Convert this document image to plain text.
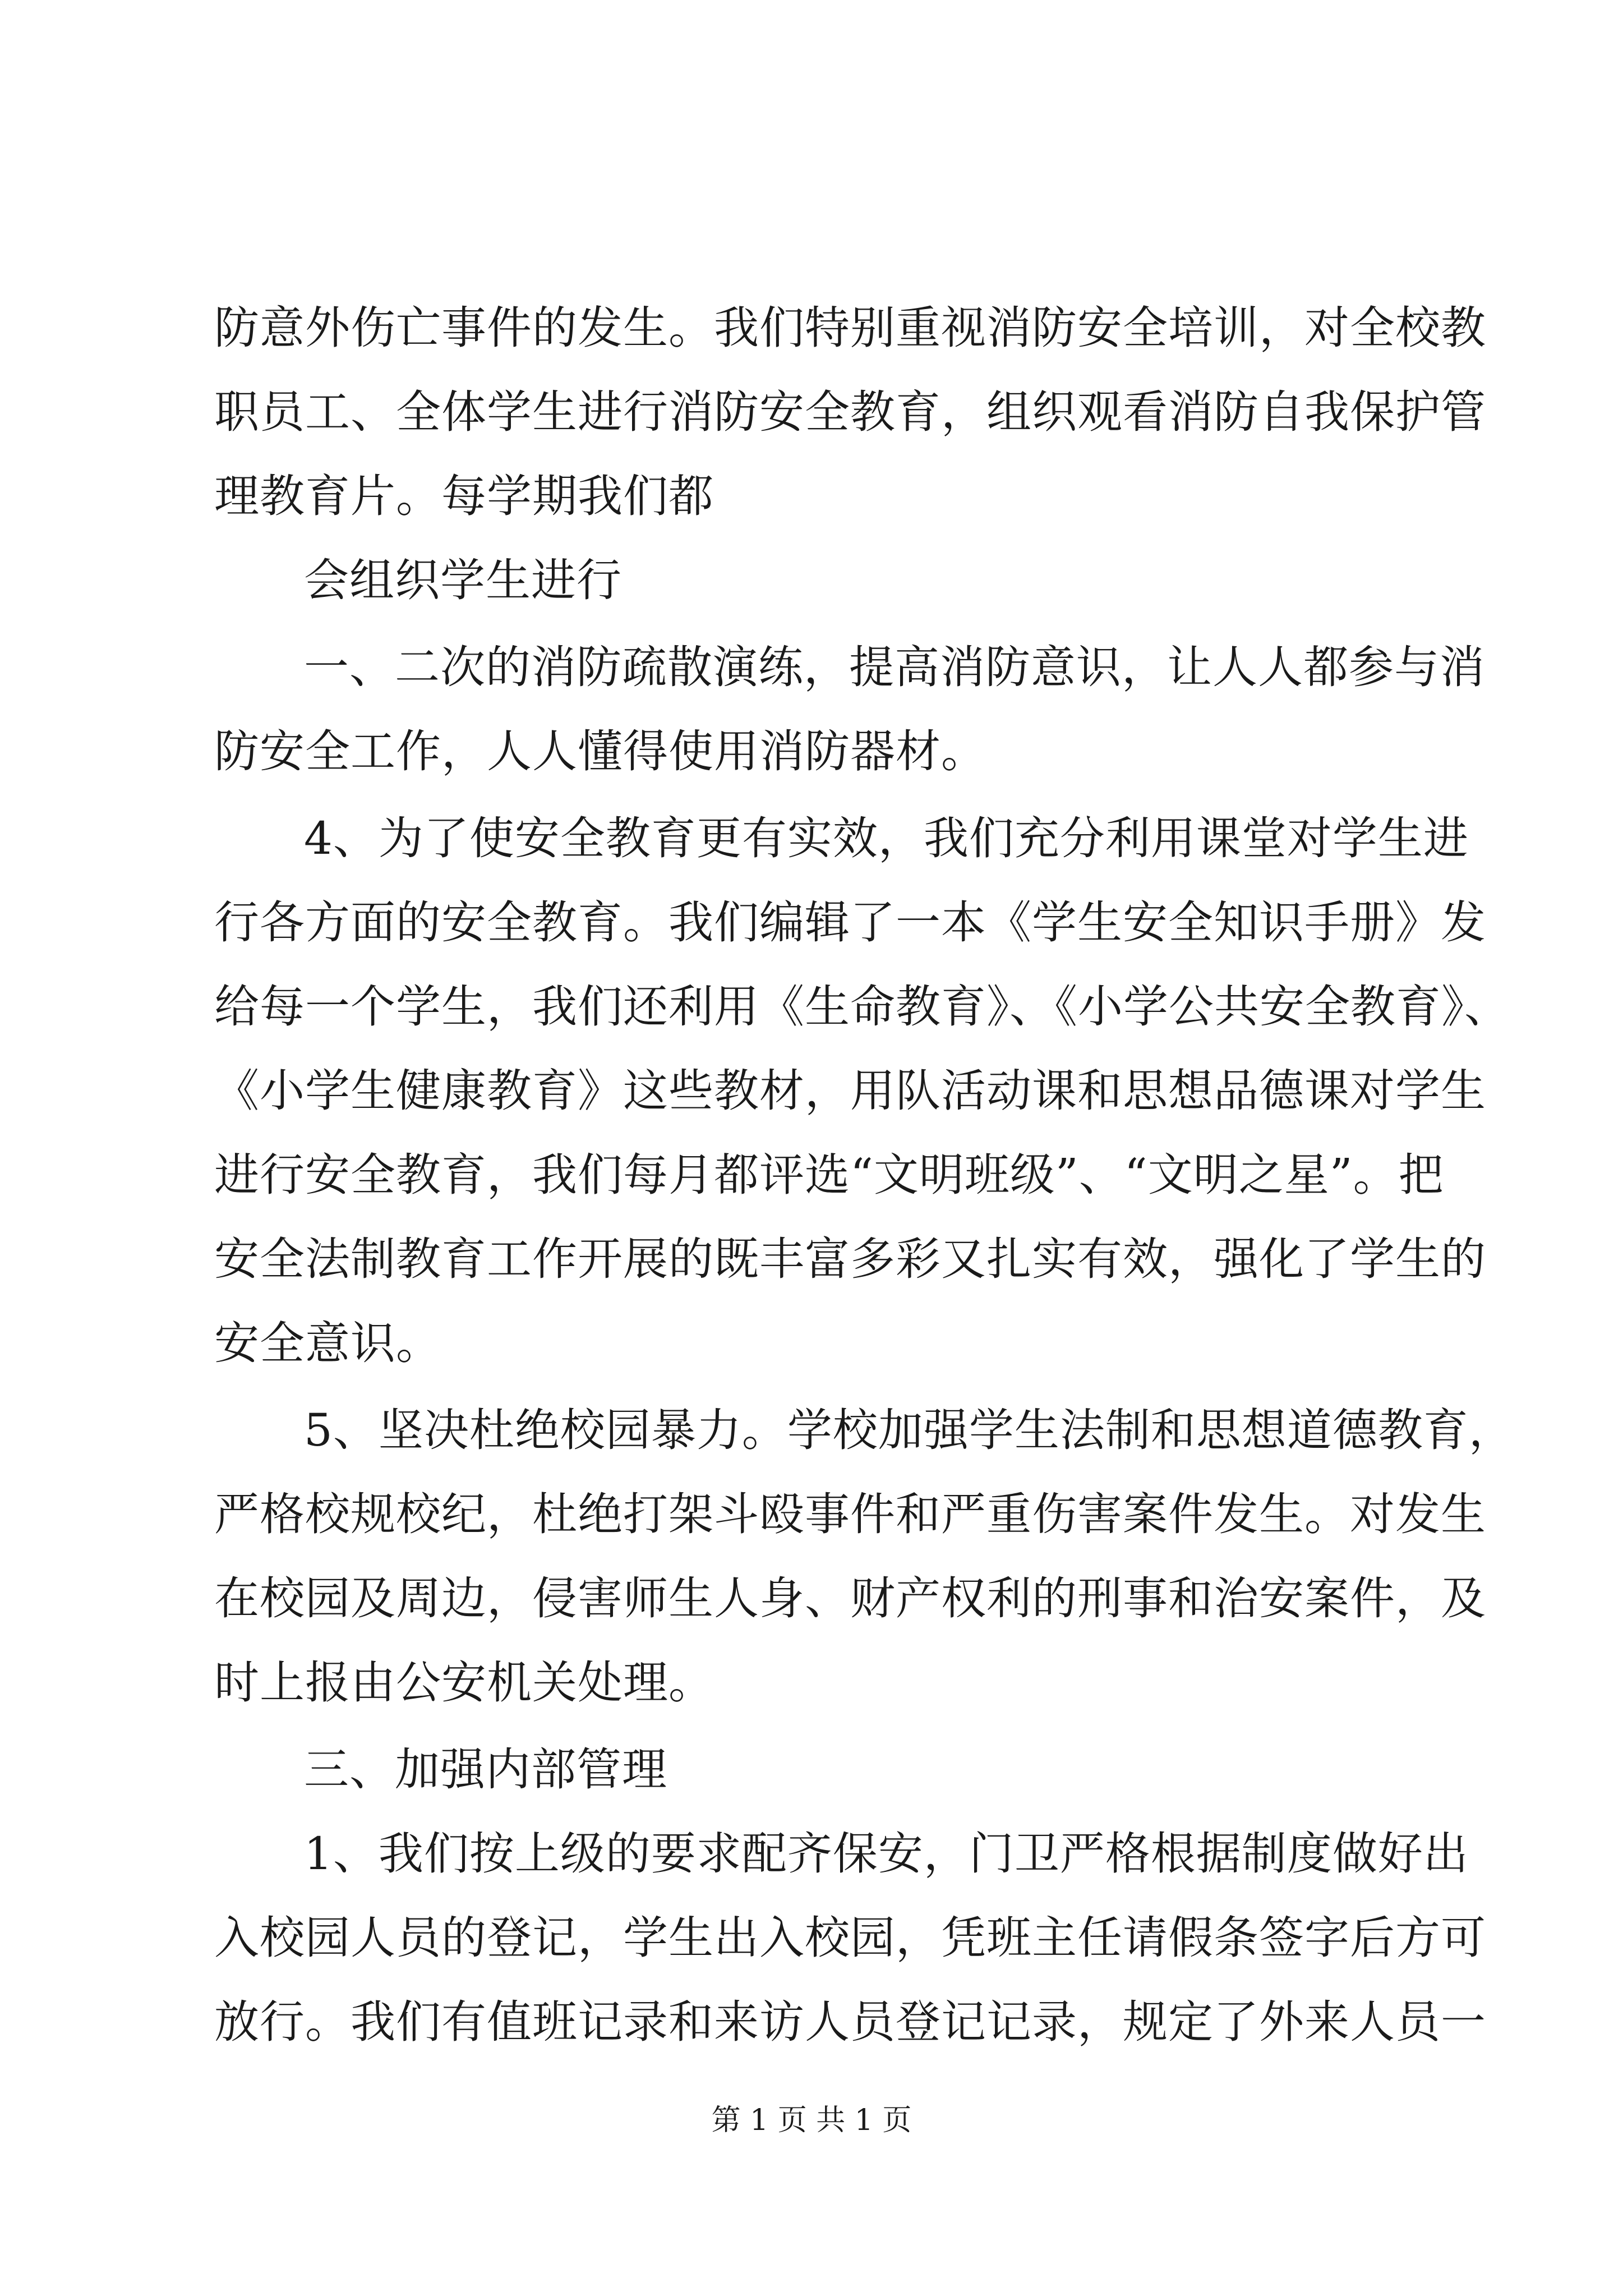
防意外伤亡事件的发生。我们特别重视消防安全培训，对全校教
职员工、全体学生进行消防安全教育，组织观看消防自我保护管
理教育片。每学期我们都
会组织学生进行
一、二次的消防疏散演练，提高消防意识，让人人都参与消
防安全工作，人人懂得使用消防器材。
4、为了使安全教育更有实效，我们充分利用课堂对学生进
行各方面的安全教育。我们编辑了一本《学生安全知识手册》发
给每一个学生，我们还利用《生命教育》、《小学公共安全教育》、
《小学生健康教育》这些教材，用队活动课和思想品德课对学生
进行安全教育，我们每月都评选“文明班级”、“文明之星”。把
安全法制教育工作开展的既丰富多彩又扎实有效，强化了学生的
安全意识。
5、坚决杜绝校园暴力。学校加强学生法制和思想道德教育，
严格校规校纪，杜绝打架斗殴事件和严重伤害案件发生。对发生
在校园及周边，侵害师生人身、财产权利的刑事和治安案件，及
时上报由公安机关处理。
三、加强内部管理
1、我们按上级的要求配齐保安，门卫严格根据制度做好出
入校园人员的登记，学生出入校园，凭班主任请假条签字后方可
放行。我们有值班记录和来访人员登记记录，规定了外来人员一
第 1 页 共 1 页
